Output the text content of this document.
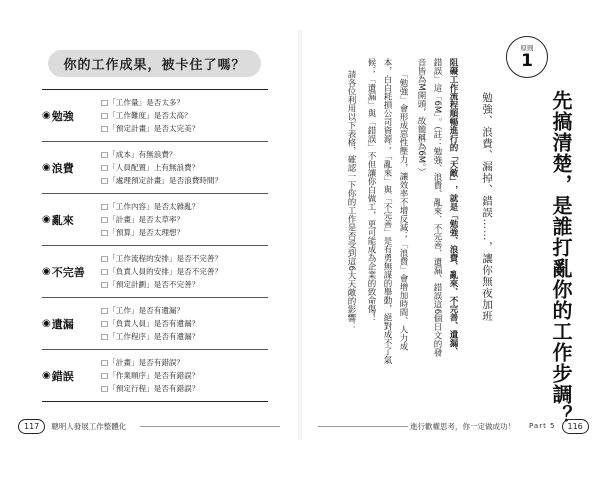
你的工作成果，被卡住了嗎？
◉ 勉強
□「工作量」是否太多？
□「工作難度」是否太高？
□「預定計畫」是否太完美？
◉ 浪費
□「成本」有無浪費？
□「人員配置」上有無浪費？
□「處理預定計畫」是否浪費時間？
◉ 亂來
□「工作內容」是否太雜亂？
□「計畫」是否太草率？
□「預算」是否太理想？
◉ 不完善
□「工作流程的安排」是否不完善？
□「負責人員的安排」是否不完善？
□「預定計劃」是否不完善？
◉ 遺漏
□「工作」是否有遺漏？
□「負責人員」是否有遺漏？
□「工作程序」是否有遺漏？
◉ 錯誤
□「計畫」是否有錯誤？
□「作業順序」是否有錯誤？
□「預定行程」是否有錯誤？
117	聰明人發展工作整體化
原則
1
先搞清楚，是誰打亂你的工作步調？
勉強、浪費、漏掉、錯誤……，讓你無夜加班
阻礙工作流程順暢進行的「天敵」，就是「勉強、浪費、亂來、不完善、遺漏、
錯誤」這「6M」。（註：勉強、浪費、亂來、不完善、遺漏、錯誤這6個日文的發
音皆為M開頭，故簡稱為6M。）
「勉強」會形成惡性壓力，讓效率不增反減；「浪費」會增加時間、人力成
本，白白耗損公司資源；「亂來」與「不完善」是有勇無謀的舉動，絕對成不了氣
候；「遺漏」與「錯誤」不但讓你白做工，更可能成為企業的致命傷！
請各位利用以下表格，確認一下你的工作是否受到這6大天敵的影響：
進行歡權思考，你一定做成功！ Part 5	116
